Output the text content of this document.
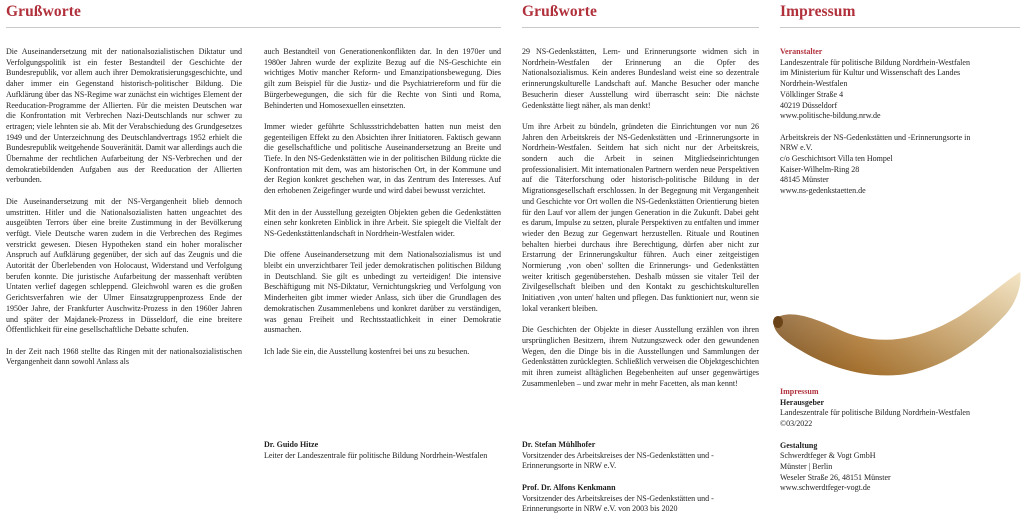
Grußworte	Grußworte	Impressum

Die Auseinandersetzung mit der nationalsozialistischen Diktatur und Verfolgungspolitik ist ein fester Bestandteil der Geschichte der Bundesrepublik, vor allem auch ihrer Demokratisierungsgeschichte, und daher immer ein Gegenstand historisch-politischer Bildung. Die Aufklärung über das NS-Regime war zunächst ein wichtiges Element der Reeducation-Programme der Allierten. Für die meisten Deutschen war die Konfrontation mit Verbrechen Nazi-Deutschlands nur schwer zu ertragen; viele lehnten sie ab. Mit der Verabschiedung des Grundgesetzes 1949 und der Unterzeichnung des Deutschlandvertrags 1952 erhielt die Bundesrepublik weitgehende Souveränität. Damit war allerdings auch die Übernahme der rechtlichen Aufarbeitung der NS-Verbrechen und der demokratiebildenden Aufgaben aus der Reeducation der Allierten verbunden.

Die Auseinandersetzung mit der NS-Vergangenheit blieb dennoch umstritten. Hitler und die Nationalsozialisten hatten ungeachtet des ausgeübten Terrors über eine breite Zustimmung in der Bevölkerung verfügt. Viele Deutsche waren zudem in die Verbrechen des Regimes verstrickt gewesen. Diesen Hypotheken stand ein hoher moralischer Anspruch auf Aufklärung gegenüber, der sich auf das Zeugnis und die Autorität der Überlebenden von Holocaust, Widerstand und Verfolgung berufen konnte. Die juristische Aufarbeitung der massenhaft verübten Untaten verlief dagegen schleppend. Gleichwohl waren es die großen Gerichtsverfahren wie der Ulmer Einsatzgruppenprozess Ende der 1950er Jahre, der Frankfurter Auschwitz-Prozess in den 1960er Jahren und später der Majdanek-Prozess in Düsseldorf, die eine breitere Öffentlichkeit für eine gesellschaftliche Debatte schufen.

In der Zeit nach 1968 stellte das Ringen mit der nationalsozialistischen Vergangenheit dann sowohl Anlass als

auch Bestandteil von Generationenkonflikten dar. In den 1970er und 1980er Jahren wurde der explizite Bezug auf die NS-Geschichte ein wichtiges Motiv mancher Reform- und Emanzipationsbewegung. Dies gilt zum Beispiel für die Justiz- und die Psychiatriereform und für die Bürgerbewegungen, die sich für die Rechte von Sinti und Roma, Behinderten und Homosexuellen einsetzten.

Immer wieder geführte Schlussstrichdebatten hatten nun meist den gegenteiligen Effekt zu den Absichten ihrer Initiatoren. Faktisch gewann die gesellschaftliche und politische Auseinandersetzung an Breite und Tiefe. In den NS-Gedenkstätten wie in der politischen Bildung rückte die Konfrontation mit dem, was am historischen Ort, in der Kommune und der Region konkret geschehen war, in das Zentrum des Interesses. Auf den erhobenen Zeigefinger wurde und wird dabei bewusst verzichtet.

Mit den in der Ausstellung gezeigten Objekten geben die Gedenkstätten einen sehr konkreten Einblick in ihre Arbeit. Sie spiegelt die Vielfalt der NS-Gedenkstättenlandschaft in Nordrhein-Westfalen wider.

Die offene Auseinandersetzung mit dem Nationalsozialismus ist und bleibt ein unverzichtbarer Teil jeder demokratischen politischen Bildung in Deutschland. Sie gilt es unbedingt zu verteidigen! Die intensive Beschäftigung mit NS-Diktatur, Vernichtungskrieg und Verfolgung von Minderheiten gibt immer wieder Anlass, sich über die Grundlagen des demokratischen Zusammenlebens und konkret darüber zu verständigen, was genau Freiheit und Rechtsstaatlichkeit in einer Demokratie ausmachen.

Ich lade Sie ein, die Ausstellung kostenfrei bei uns zu besuchen.

29 NS-Gedenkstätten, Lern- und Erinnerungsorte widmen sich in Nordrhein-Westfalen der Erinnerung an die Opfer des Nationalsozialismus. Kein anderes Bundesland weist eine so dezentrale erinnerungskulturelle Landschaft auf. Manche Besucher oder manche Besucherin dieser Ausstellung wird überrascht sein: Die nächste Gedenkstätte liegt näher, als man denkt!

Um ihre Arbeit zu bündeln, gründeten die Einrichtungen vor nun 26 Jahren den Arbeitskreis der NS-Gedenkstätten und -Erinnerungsorte in Nordrhein-Westfalen. Seitdem hat sich nicht nur der Arbeitskreis, sondern auch die Arbeit in seinen Mitgliedseinrichtungen professionalisiert. Mit internationalen Partnern werden neue Perspektiven auf die Täterforschung oder historisch-politische Bildung in der Migrationsgesellschaft erschlossen. In der Begegnung mit Vergangenheit und Geschichte vor Ort wollen die NS-Gedenkstätten Orientierung bieten für den Lauf vor allem der jungen Generation in die Zukunft. Dabei geht es darum, Impulse zu setzen, plurale Perspektiven zu entfalten und immer wieder den Bezug zur Gegenwart herzustellen. Rituale und Routinen behalten hierbei durchaus ihre Berechtigung, dürfen aber nicht zur Erstarrung der Erinnerungskultur führen. Auch einer zeitgeistigen Normierung ‚von oben' sollten die Erinnerungs- und Gedenkstätten weiter kritisch gegenüberstehen. Deshalb müssen sie vitaler Teil der Zivilgesellschaft bleiben und den Kontakt zu geschichtskulturellen Initiativen ‚von unten' halten und pflegen. Das funktioniert nur, wenn sie lokal verankert bleiben.

Die Geschichten der Objekte in dieser Ausstellung erzählen von ihren ursprünglichen Besitzern, ihrem Nutzungszweck oder den gewundenen Wegen, den die Dinge bis in die Ausstellungen und Sammlungen der Gedenkstätten zurücklegten. Schließlich verweisen die Objektgeschichten mit ihren zumeist alltäglichen Begebenheiten auf unser gegenwärtiges Zusammenleben – und zwar mehr in mehr Facetten, als man kennt!

Dr. Guido Hitze
Leiter der Landeszentrale für politische Bildung Nordrhein-Westfalen
Dr. Stefan Mühlhofer
Vorsitzender des Arbeitskreises der NS-Gedenkstätten und -Erinnerungsorte in NRW e.V.
Prof. Dr. Alfons Kenkmann
Vorsitzender des Arbeitskreises der NS-Gedenkstätten und -Erinnerungsorte in NRW e.V. von 2003 bis 2020
Veranstalter
Landeszentrale für politische Bildung Nordrhein-Westfalen
im Ministerium für Kultur und Wissenschaft des Landes
Nordrhein-Westfalen
Völklinger Straße 4
40219 Düsseldorf
www.politische-bildung.nrw.de
Arbeitskreis der NS-Gedenkstätten und -Erinnerungsorte in
NRW e.V.
c/o Geschichtsort Villa ten Hompel
Kaiser-Wilhelm-Ring 28
48145 Münster
www.ns-gedenkstaetten.de
Impressum
Herausgeber
Landeszentrale für politische Bildung Nordrhein-Westfalen
©03/2022
Gestaltung
Schwerdtfeger & Vogt GmbH
Münster | Berlin
Weseler Straße 26, 48151 Münster
www.schwerdtfeger-vogt.de
